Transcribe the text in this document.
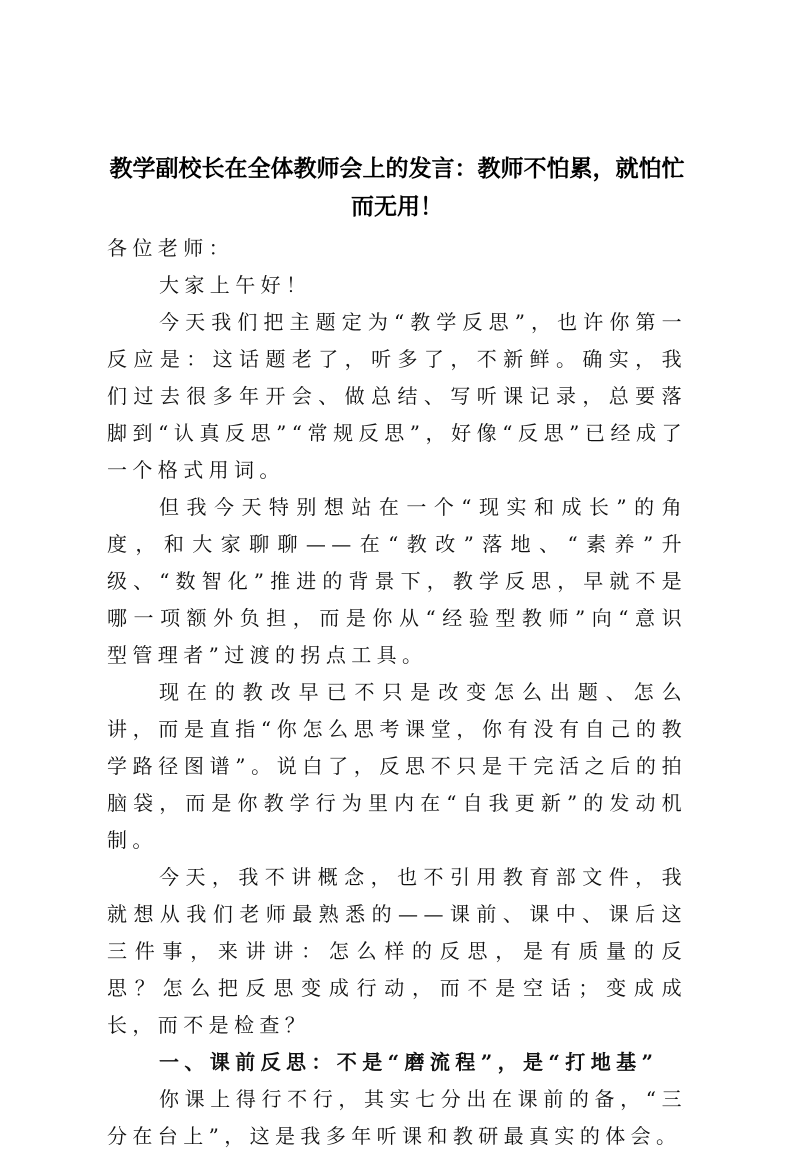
教学副校长在全体教师会上的发言：教师不怕累，就怕忙而无用！

各位老师：

大家上午好！

今天我们把主题定为“教学反思”，也许你第一反应是：这话题老了，听多了，不新鲜。确实，我们过去很多年开会、做总结、写听课记录，总要落脚到“认真反思”“常规反思”，好像“反思”已经成了一个格式用词。

但我今天特别想站在一个“现实和成长”的角度，和大家聊聊——在“教改”落地、“素养”升级、“数智化”推进的背景下，教学反思，早就不是哪一项额外负担，而是你从“经验型教师”向“意识型管理者”过渡的拐点工具。

现在的教改早已不只是改变怎么出题、怎么讲，而是直指“你怎么思考课堂，你有没有自己的教学路径图谱”。说白了，反思不只是干完活之后的拍脑袋，而是你教学行为里内在“自我更新”的发动机制。

今天，我不讲概念，也不引用教育部文件，我就想从我们老师最熟悉的——课前、课中、课后这三件事，来讲讲：怎么样的反思，是有质量的反思？怎么把反思变成行动，而不是空话；变成成长，而不是检查？

一、课前反思：不是“磨流程”，是“打地基”

你课上得行不行，其实七分出在课前的备，“三分在台上”，这是我多年听课和教研最真实的体会。
